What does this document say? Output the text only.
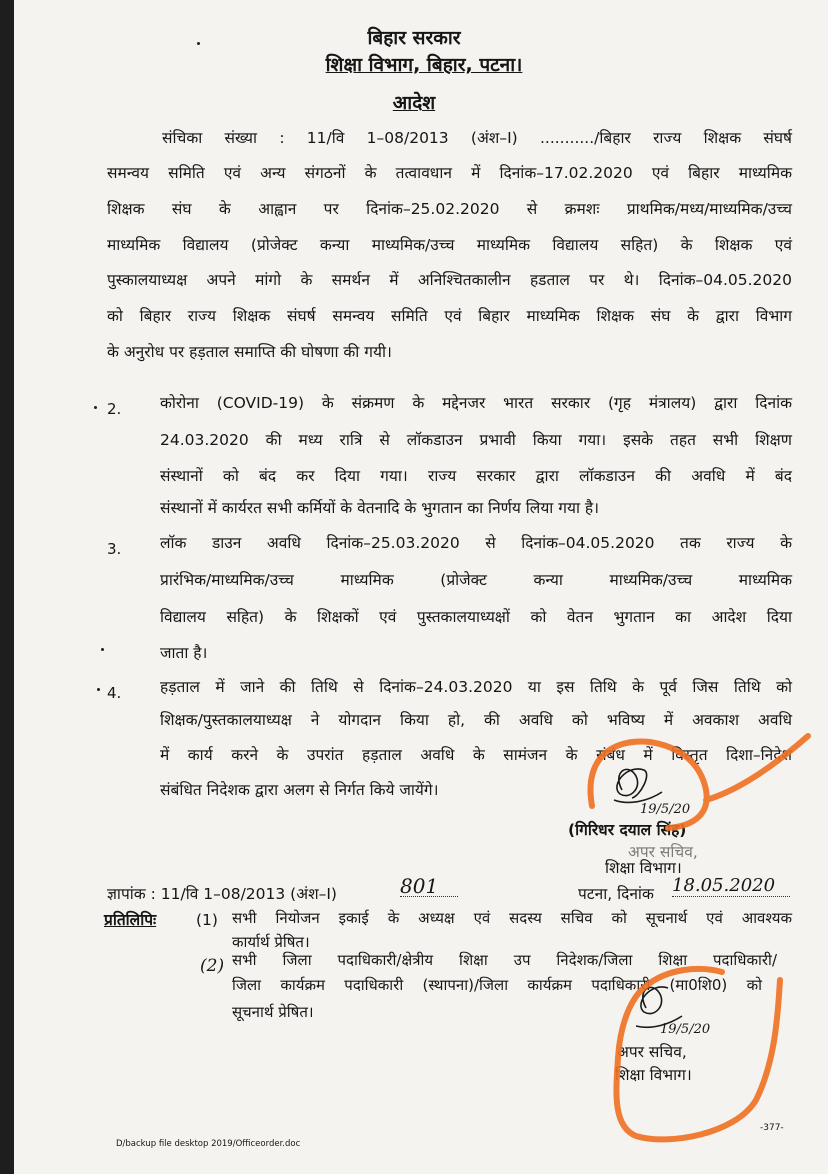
बिहार सरकार
शिक्षा विभाग, बिहार, पटना।
आदेश
संचिका संख्या : 11/वि 1–08/2013 (अंश–I) .........../बिहार राज्य शिक्षक संघर्ष
समन्वय समिति एवं अन्य संगठनों के तत्वावधान में दिनांक–17.02.2020 एवं बिहार माध्यमिक
शिक्षक संघ के आह्वान पर दिनांक–25.02.2020 से क्रमशः प्राथमिक/मध्य/माध्यमिक/उच्च
माध्यमिक विद्यालय (प्रोजेक्ट कन्या माध्यमिक/उच्च माध्यमिक विद्यालय सहित) के शिक्षक एवं
पुस्कालयाध्यक्ष अपने मांगो के समर्थन में अनिश्चितकालीन हडताल पर थे। दिनांक–04.05.2020
को बिहार राज्य शिक्षक संघर्ष समन्वय समिति एवं बिहार माध्यमिक शिक्षक संघ के द्वारा विभाग
के अनुरोध पर हड़ताल समाप्ति की घोषणा की गयी।
2. कोरोना (COVID-19) के संक्रमण के मद्देनजर भारत सरकार (गृह मंत्रालय) द्वारा दिनांक
24.03.2020 की मध्य रात्रि से लॉकडाउन प्रभावी किया गया। इसके तहत सभी शिक्षण
संस्थानों को बंद कर दिया गया। राज्य सरकार द्वारा लॉकडाउन की अवधि में बंद
संस्थानों में कार्यरत सभी कर्मियों के वेतनादि के भुगतान का निर्णय लिया गया है।
3. लॉक डाउन अवधि दिनांक–25.03.2020 से दिनांक–04.05.2020 तक राज्य के
प्रारंभिक/माध्यमिक/उच्च माध्यमिक (प्रोजेक्ट कन्या माध्यमिक/उच्च माध्यमिक
विद्यालय सहित) के शिक्षकों एवं पुस्तकालयाध्यक्षों को वेतन भुगतान का आदेश दिया
जाता है।
4. हड़ताल में जाने की तिथि से दिनांक–24.03.2020 या इस तिथि के पूर्व जिस तिथि को
शिक्षक/पुस्तकालयाध्यक्ष ने योगदान किया हो, की अवधि को भविष्य में अवकाश अवधि
में कार्य करने के उपरांत हड़ताल अवधि के सामंजन के संबंध में विस्तृत दिशा–निदेश
संबंधित निदेशक द्वारा अलग से निर्गत किये जायेंगे।
19/5/20
(गिरिधर दयाल सिंह)
अपर सचिव,
शिक्षा विभाग।
ज्ञापांक : 11/वि 1–08/2013 (अंश–I)	801	पटना, दिनांक 18.05.2020
प्रतिलिपिः	(1) सभी नियोजन इकाई के अध्यक्ष एवं सदस्य सचिव को सूचनार्थ एवं आवश्यक
कार्यार्थ प्रेषित।
(2) सभी जिला पदाधिकारी/क्षेत्रीय शिक्षा उप निदेशक/जिला शिक्षा पदाधिकारी/
जिला कार्यक्रम पदाधिकारी (स्थापना)/जिला कार्यक्रम पदाधिकारी (मा0शि0) को
सूचनार्थ प्रेषित।
19/5/20
अपर सचिव,
शिक्षा विभाग।
D/backup file desktop 2019/Officeorder.doc
-377-
